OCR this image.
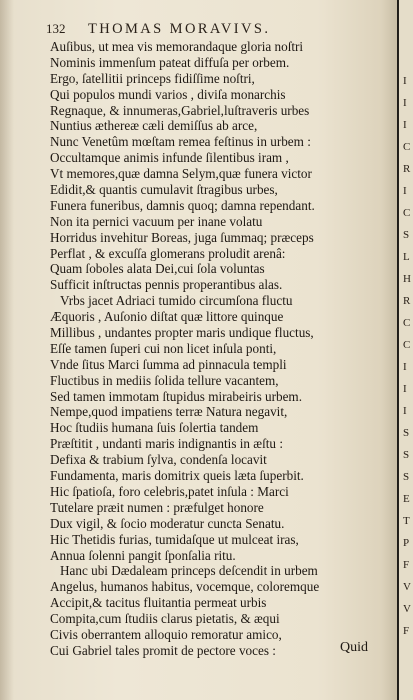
132 THOMAS MORAVIVS.
Auſibus, ut mea vis memorandaque gloria noſtri
Nominis immenſum pateat diffuſa per orbem.
Ergo, ſatellitii princeps fidiſſime noſtri,
Qui populos mundi varios , diviſa monarchis
Regnaque, & innumeras,Gabriel,luſtraveris urbes
Nuntius æthereæ cæli demiſſus ab arce,
Nunc Venetûm mœſtam remea feſtinus in urbem :
Occultamque animis infunde ſilentibus iram ,
Vt memores,quæ damna Selym,quæ funera victor
Edidit,& quantis cumulavit ſtragibus urbes,
Funera funeribus, damnis quoq; damna rependant.
Non ita pernici vacuum per inane volatu
Horridus invehitur Boreas, juga ſummaq; præceps
Perflat , & excuſſa glomerans proludit arenâ:
Quam ſoboles alata Dei,cui ſola voluntas
Sufficit inſtructas pennis properantibus alas.
Vrbs jacet Adriaci tumido circumſona fluctu
Æquoris , Auſonio diſtat quæ littore quinque
Millibus , undantes propter maris undique fluctus,
Eſſe tamen ſuperi cui non licet inſula ponti,
Vnde ſitus Marci ſumma ad pinnacula templi
Fluctibus in mediis ſolida tellure vacantem,
Sed tamen immotam ſtupidus mirabeiris urbem.
Nempe,quod impatiens terræ Natura negavit,
Hoc ſtudiis humana ſuis ſolertia tandem
Præſtitit , undanti maris indignantis in æſtu :
Defixa & trabium ſylva, condenſa locavit
Fundamenta, maris domitrix queis læta ſuperbit.
Hic ſpatioſa, foro celebris,patet inſula : Marci
Tutelare præit numen : præfulget honore
Dux vigil, & ſocio moderatur cuncta Senatu.
Hic Thetidis furias, tumidaſque ut mulceat iras,
Annua ſolenni pangit ſponſalia ritu.
Hanc ubi Dædaleam princeps deſcendit in urbem
Angelus, humanos habitus, vocemque, coloremque
Accipit,& tacitus fluitantia permeat urbis
Compita,cum ſtudiis clarus pietatis, & æqui
Civis oberrantem alloquio remoratur amico,
Cui Gabriel tales promit de pectore voces :	Quid
I
I
I
C
R
I
C
S
L
H
R
C
C
I
I
I
S
S
S
E
T
P
F
V
V
F
